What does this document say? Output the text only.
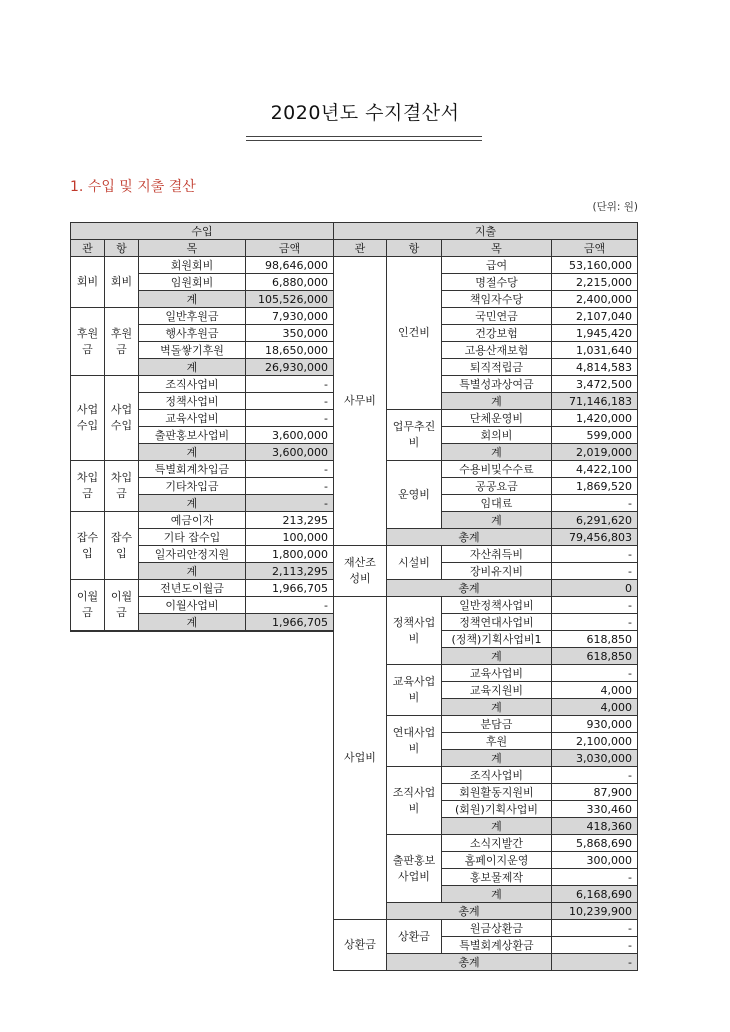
2020년도 수지결산서
1. 수입 및 지출 결산
(단위: 원)
수입			
관	항	목	금액
회비	회비	회원회비	98,646,000
		임원회비	6,880,000
		계	105,526,000
후원금	후원금	일반후원금	7,930,000
		행사후원금	350,000
		벽돌쌓기후원	18,650,000
		계	26,930,000
사업수입	사업수입	조직사업비	-
		정책사업비	-
		교육사업비	-
		출판홍보사업비	3,600,000
		계	3,600,000
차입금	차입금	특별회계차입금	-
		기타차입금	-
		계	-
잡수입	잡수입	예금이자	213,295
		기타 잡수입	100,000
		일자리안정지원	1,800,000
		계	2,113,295
이월금	이월금	전년도이월금	1,966,705
		이월사업비	-
		계	1,966,705

지출			
관	항	목	금액
사무비	인건비	급여	53,160,000
		명절수당	2,215,000
		책임자수당	2,400,000
		국민연금	2,107,040
		건강보험	1,945,420
		고용산재보험	1,031,640
		퇴직적립금	4,814,583
		특별성과상여금	3,472,500
		계	71,146,183
	업무추진비	단체운영비	1,420,000
		회의비	599,000
		계	2,019,000
	운영비	수용비및수수료	4,422,100
		공공요금	1,869,520
		임대료	-
		계	6,291,620
	총계		79,456,803
재산조성비	시설비	자산취득비	-
		장비유지비	-
	총계		0
사업비	정책사업비	일반정책사업비	-
		정책연대사업비	-
		(정책)기획사업비1	618,850
		계	618,850
	교육사업비	교육사업비	-
		교육지원비	4,000
		계	4,000
	연대사업비	분담금	930,000
		후원	2,100,000
		계	3,030,000
	조직사업비	조직사업비	-
		회원활동지원비	87,900
		(회원)기획사업비	330,460
		계	418,360
	출판홍보사업비	소식지발간	5,868,690
		홈페이지운영	300,000
		홍보물제작	-
		계	6,168,690
	총계		10,239,900
상환금	상환금	원금상환금	-
		특별회계상환금	-
	총계		-
